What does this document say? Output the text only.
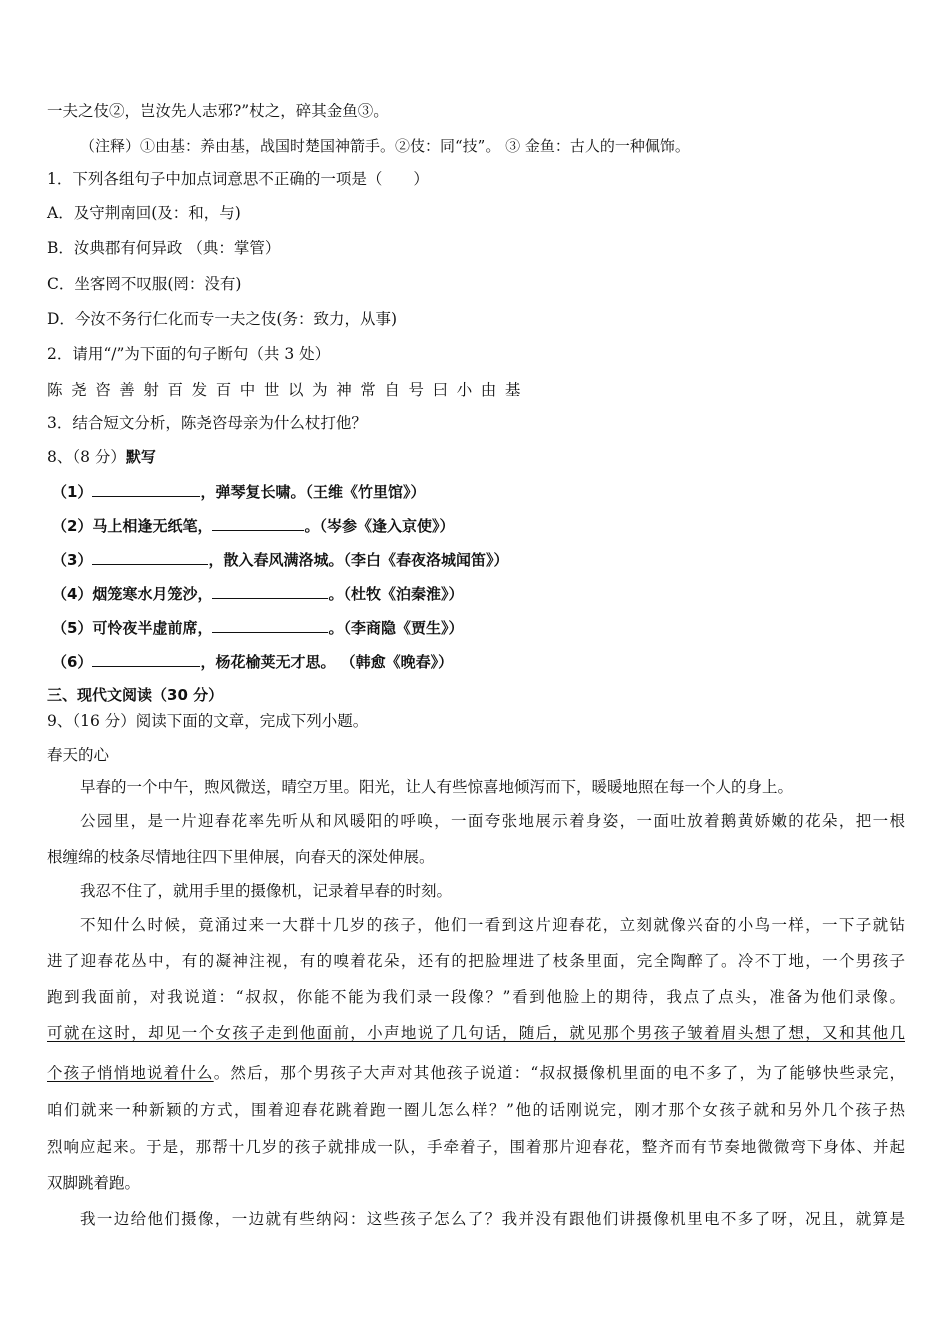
一夫之伎②，岂汝先人志邪?”杖之，碎其金鱼③。
（注释）①由基：养由基，战国时楚国神箭手。②伎：同“技”。 ③ 金鱼：古人的一种佩饰。
1．下列各组句子中加点词意思不正确的一项是（　　）
A．及守荆南回(及：和，与)
B．汝典郡有何异政 （典：掌管）
C．坐客罔不叹服(罔：没有)
D．今汝不务行仁化而专一夫之伎(务：致力，从事)
2．请用“/”为下面的句子断句（共 3 处）
陈尧咨善射百发百中世以为神常自号曰小由基
3．结合短文分析，陈尧咨母亲为什么杖打他？
8、（8 分）默写
（1）	，弹琴复长啸。（王维《竹里馆》）
（2）马上相逢无纸笔，	。（岑参《逢入京使》）
（3）	，散入春风满洛城。（李白《春夜洛城闻笛》）
（4）烟笼寒水月笼沙，	。（杜牧《泊秦淮》）
（5）可怜夜半虚前席，	。（李商隐《贾生》）
（6）	，杨花榆荚无才思。 （韩愈《晚春》）
三、现代文阅读（30 分）
9、（16 分）阅读下面的文章，完成下列小题。
春天的心
早春的一个中午，煦风微送，晴空万里。阳光，让人有些惊喜地倾泻而下，暖暖地照在每一个人的身上。
公园里，是一片迎春花率先听从和风暖阳的呼唤，一面夸张地展示着身姿，一面吐放着鹅黄娇嫩的花朵，把一根
根缠绵的枝条尽情地往四下里伸展，向春天的深处伸展。
我忍不住了，就用手里的摄像机，记录着早春的时刻。
不知什么时候，竟涌过来一大群十几岁的孩子，他们一看到这片迎春花，立刻就像兴奋的小鸟一样，一下子就钻
进了迎春花丛中，有的凝神注视，有的嗅着花朵，还有的把脸埋进了枝条里面，完全陶醉了。冷不丁地，一个男孩子
跑到我面前，对我说道：“叔叔，你能不能为我们录一段像？”看到他脸上的期待，我点了点头，准备为他们录像。
可就在这时，却见一个女孩子走到他面前，小声地说了几句话，随后，就见那个男孩子皱着眉头想了想，又和其他几
个孩子悄悄地说着什么。然后，那个男孩子大声对其他孩子说道：“叔叔摄像机里面的电不多了，为了能够快些录完，
咱们就来一种新颖的方式，围着迎春花跳着跑一圈儿怎么样？”他的话刚说完，刚才那个女孩子就和另外几个孩子热
烈响应起来。于是，那帮十几岁的孩子就排成一队，手牵着子，围着那片迎春花，整齐而有节奏地微微弯下身体、并起
双脚跳着跑。
我一边给他们摄像，一边就有些纳闷：这些孩子怎么了？我并没有跟他们讲摄像机里电不多了呀，况且，就算是
